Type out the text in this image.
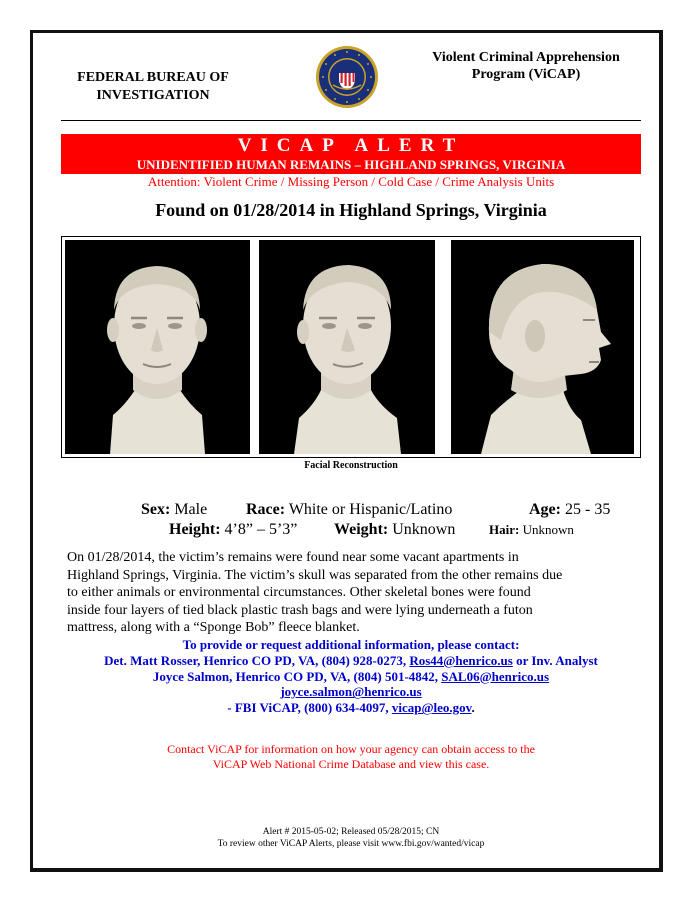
FEDERAL BUREAU OF
INVESTIGATION
Violent Criminal Apprehension
Program (ViCAP)
VICAP ALERT
UNIDENTIFIED HUMAN REMAINS – HIGHLAND SPRINGS, VIRGINIA
Attention: Violent Crime / Missing Person / Cold Case / Crime Analysis Units
Found on 01/28/2014 in Highland Springs, Virginia
Facial Reconstruction
Sex: Male Race: White or Hispanic/Latino	Age: 25 - 35
Height: 4’8” – 5’3” Weight: Unknown	Hair: Unknown
On 01/28/2014, the victim’s remains were found near some vacant apartments in
Highland Springs, Virginia. The victim’s skull was separated from the other remains due
to either animals or environmental circumstances. Other skeletal bones were found
inside four layers of tied black plastic trash bags and were lying underneath a futon
mattress, along with a “Sponge Bob” fleece blanket.
To provide or request additional information, please contact:
Det. Matt Rosser, Henrico CO PD, VA, (804) 928-0273, Ros44@henrico.us or Inv. Analyst
Joyce Salmon, Henrico CO PD, VA, (804) 501-4842, SAL06@henrico.us
joyce.salmon@henrico.us
- FBI ViCAP, (800) 634-4097, vicap@leo.gov.
Contact ViCAP for information on how your agency can obtain access to the
ViCAP Web National Crime Database and view this case.
Alert # 2015-05-02; Released 05/28/2015; CN
To review other ViCAP Alerts, please visit www.fbi.gov/wanted/vicap
